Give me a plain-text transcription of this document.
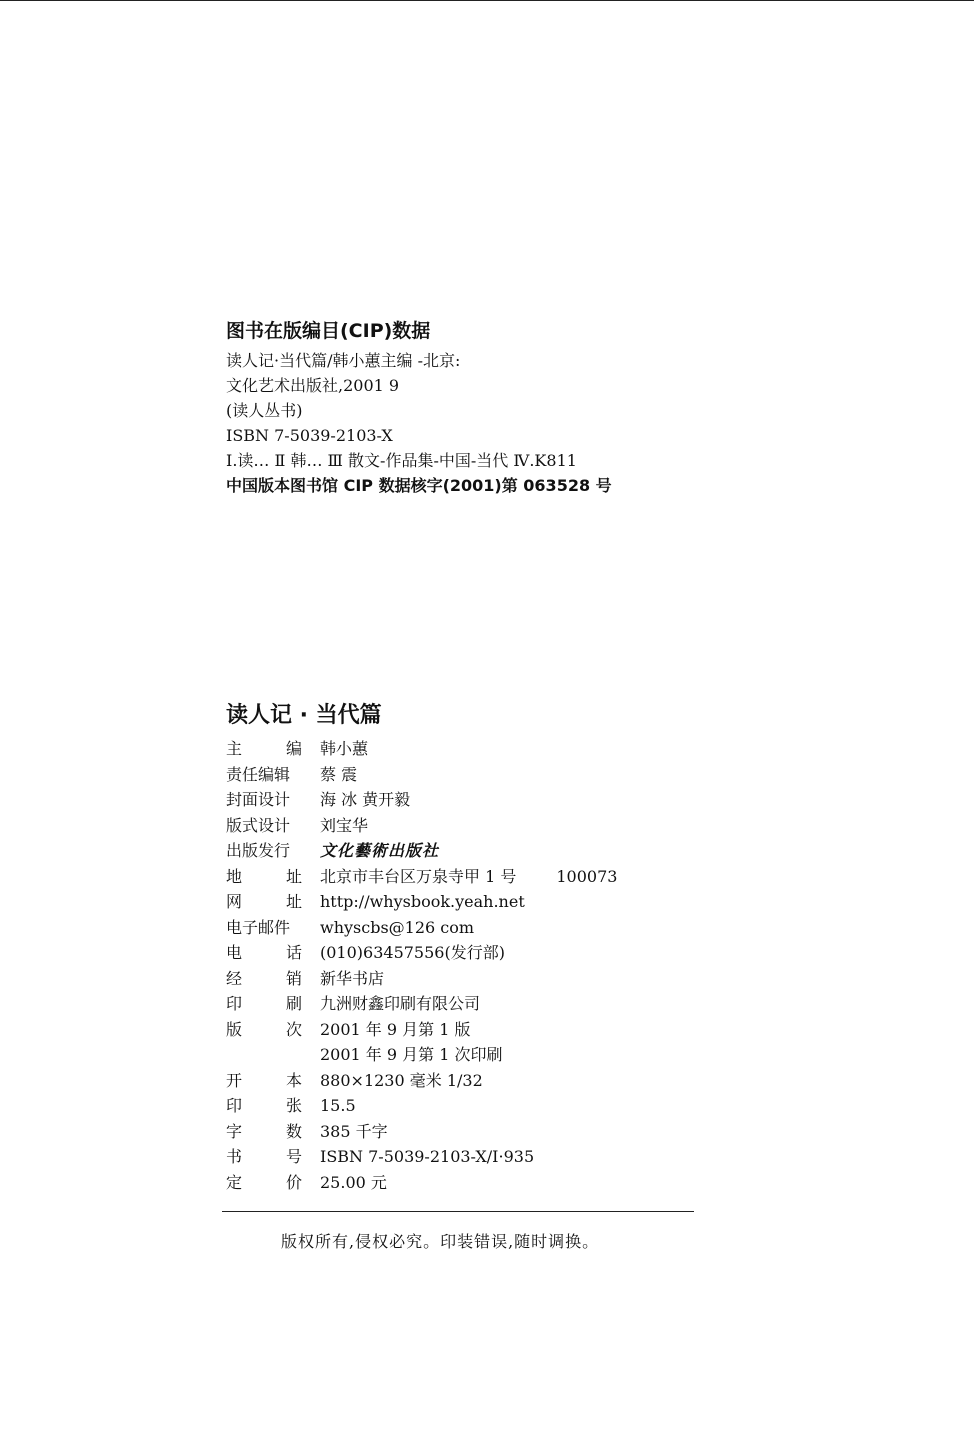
图书在版编目(CIP)数据
读人记·当代篇/韩小蕙主编 -北京:
文化艺术出版社,2001 9
(读人丛书)
ISBN 7-5039-2103-X
Ⅰ.读… Ⅱ 韩… Ⅲ 散文-作品集-中国-当代 Ⅳ.K811
中国版本图书馆 CIP 数据核字(2001)第 063528 号
读人记 · 当代篇
主	编 韩小蕙
责任编辑 蔡 震
封面设计 海 冰 黄开毅
版式设计 刘宝华
出版发行 文化藝術出版社
地	址 北京市丰台区万泉寺甲 1 号	100073
网	址 http://whysbook.yeah.net
电子邮件 whyscbs@126 com
电	话 (010)63457556(发行部)
经	销 新华书店
印	刷 九洲财鑫印刷有限公司
版	次 2001 年 9 月第 1 版
2001 年 9 月第 1 次印刷
开	本 880×1230 毫米 1/32
印	张 15.5
字	数 385 千字
书	号 ISBN 7-5039-2103-X/I·935
定	价 25.00 元
版权所有,侵权必究。印装错误,随时调换。
